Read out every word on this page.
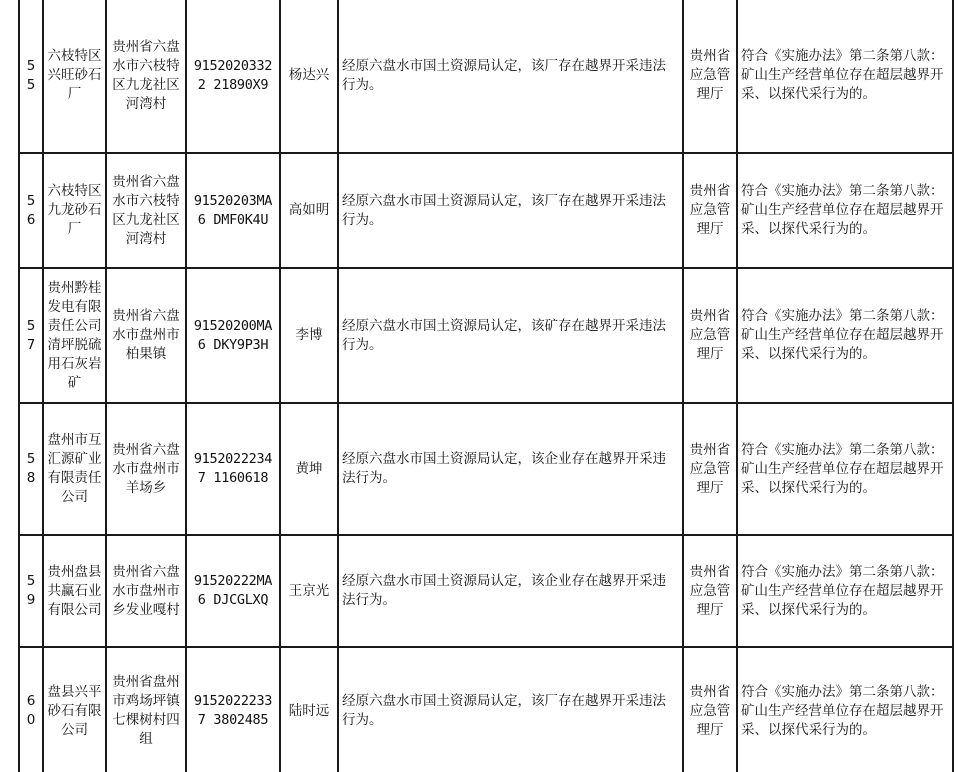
55	六枝特区兴旺砂石厂	贵州省六盘水市六枝特区九龙社区河湾村	91520203322 21890X9	杨达兴	经原六盘水市国土资源局认定，该厂存在越界开采违法行为。	贵州省应急管理厅	符合《实施办法》第二条第八款：矿山生产经营单位存在超层越界开采、以探代采行为的。
56	六枝特区九龙砂石厂	贵州省六盘水市六枝特区九龙社区河湾村	91520203MA6 DMF0K4U	高如明	经原六盘水市国土资源局认定，该厂存在越界开采违法行为。	贵州省应急管理厅	符合《实施办法》第二条第八款：矿山生产经营单位存在超层越界开采、以探代采行为的。
57	贵州黔桂发电有限责任公司清坪脱硫用石灰岩矿	贵州省六盘水市盘州市柏果镇	91520200MA6 DKY9P3H	李博	经原六盘水市国土资源局认定，该矿存在越界开采违法行为。	贵州省应急管理厅	符合《实施办法》第二条第八款：矿山生产经营单位存在超层越界开采、以探代采行为的。
58	盘州市互汇源矿业有限责任公司	贵州省六盘水市盘州市羊场乡	91520222347 1160618	黄坤	经原六盘水市国土资源局认定，该企业存在越界开采违法行为。	贵州省应急管理厅	符合《实施办法》第二条第八款：矿山生产经营单位存在超层越界开采、以探代采行为的。
59	贵州盘县共赢石业有限公司	贵州省六盘水市盘州市乡发业嘎村	91520222MA6 DJCGLXQ	王京光	经原六盘水市国土资源局认定，该企业存在越界开采违法行为。	贵州省应急管理厅	符合《实施办法》第二条第八款：矿山生产经营单位存在超层越界开采、以探代采行为的。
60	盘县兴平砂石有限公司	贵州省盘州市鸡场坪镇七棵树村四组	91520222337 3802485	陆时远	经原六盘水市国土资源局认定，该厂存在越界开采违法行为。	贵州省应急管理厅	符合《实施办法》第二条第八款：矿山生产经营单位存在超层越界开采、以探代采行为的。
